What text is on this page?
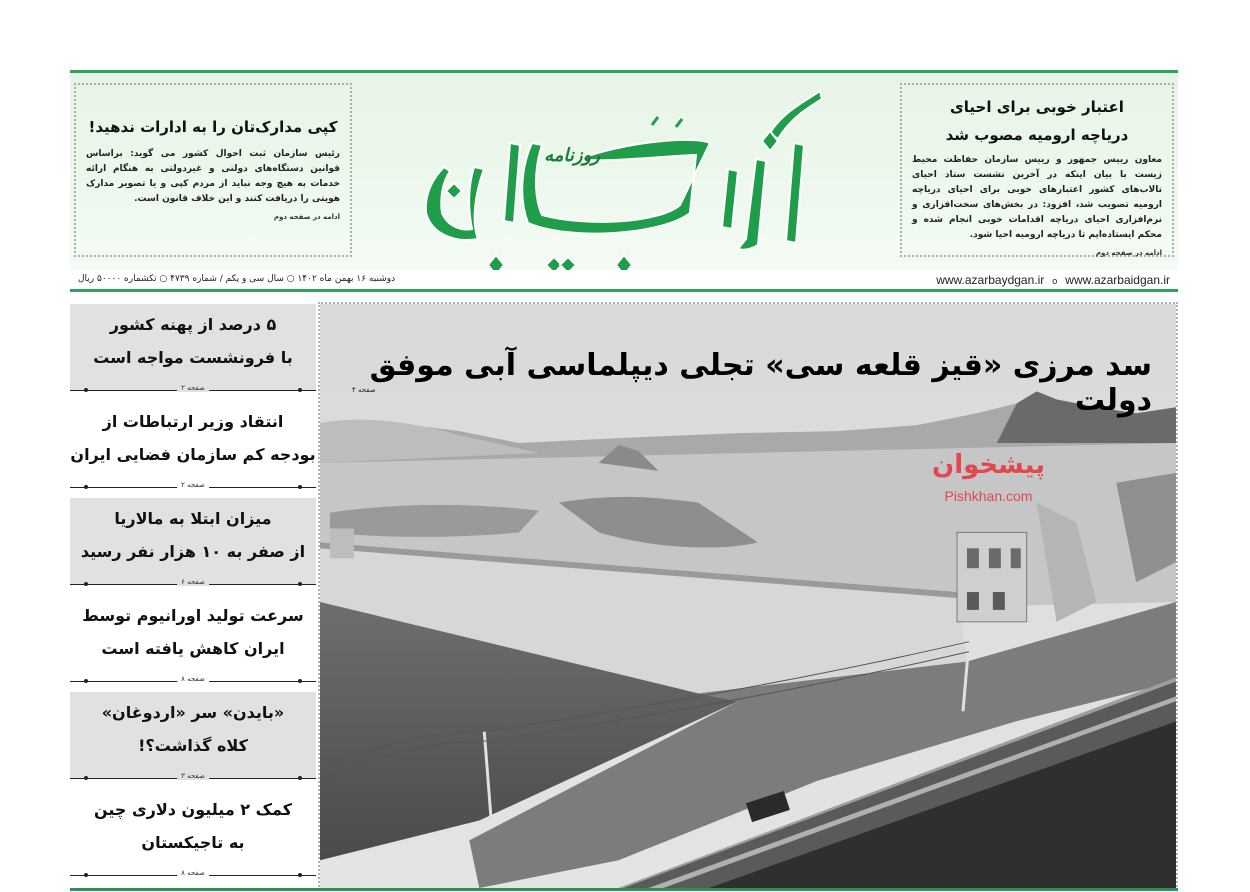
اعتبار خوبی برای احیای
دریاچه ارومیه مصوب شد

معاون رییس جمهور و رییس سازمان حفاظت محیط زیست با بیان اینکه در آخرین نشست ستاد احیای تالاب‌های کشور اعتبارهای خوبی برای احیای دریاچه ارومیه تصویب شد، افزود: در بخش‌های سخت‌افزاری و نرم‌افزاری احیای دریاچه اقدامات خوبی انجام شده و محکم ایستاده‌ایم تا دریاچه ارومیه احیا شود.

ادامه در صفحه دوم

روزنامه
کپی مدارک‌تان را به ادارات ندهید!

رئیس سازمان ثبت احوال کشور می گوید: براساس قوانین دستگاه‌های دولتی و غیردولتی به هنگام ارائه خدمات به هیچ وجه نباید از مردم کپی و یا تصویر مدارک هویتی را دریافت کنند و این خلاف قانون است.

ادامه در صفحه دوم

دوشنبه ۱۶ بهمن ماه ۱۴۰۲ ○ سال سی و یکم / شماره ۴۷۳۹ ○ تکشماره ۵۰۰۰۰ ریال	www.azarbaydgan.ir o www.azarbaidgan.ir
۵ درصد از پهنه کشور
با فرونشست مواجه است
صفحه ۲
انتقاد وزیر ارتباطات از
بودجه کم سازمان فضایی ایران
صفحه ۲
میزان ابتلا به مالاریا
از صفر به ۱۰ هزار نفر رسید
صفحه ۶
سرعت تولید اورانیوم توسط
ایران کاهش یافته است
صفحه ۸
«بایدن» سر «اردوغان»
کلاه گذاشت؟!
صفحه ۳
کمک ۲ میلیون دلاری چین
به تاجیکستان
صفحه ۸
سد مرزی «قیز قلعه سی» تجلی دیپلماسی آبی موفق دولت
صفحه ۴
پیشخوان
Pishkhan.com
